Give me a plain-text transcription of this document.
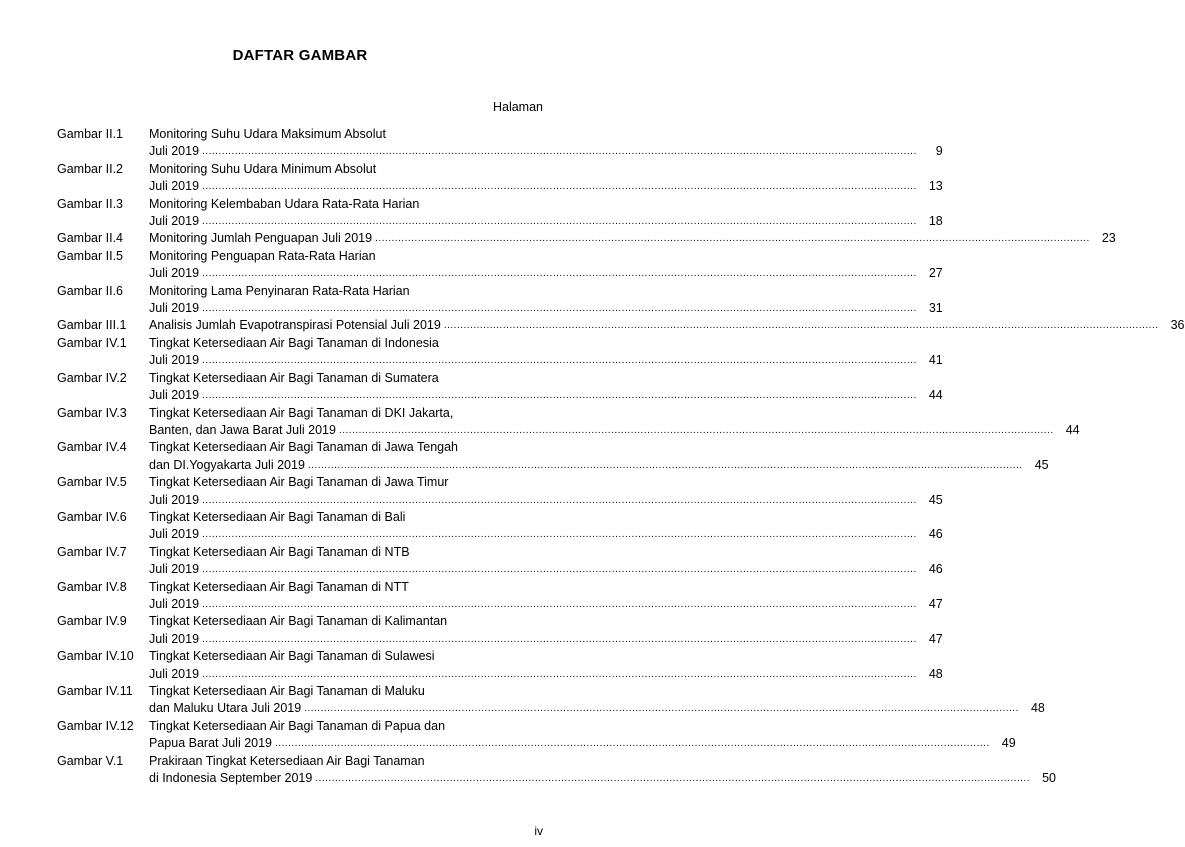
DAFTAR GAMBAR
Halaman
Gambar II.1	Monitoring Suhu Udara Maksimum Absolut
Juli 2019 .....	9
Gambar II.2	Monitoring Suhu Udara Minimum Absolut
Juli 2019 .....	13
Gambar II.3	Monitoring Kelembaban Udara Rata-Rata Harian
Juli 2019 .....	18
Gambar II.4	Monitoring Jumlah Penguapan Juli 2019 .....	23
Gambar II.5	Monitoring Penguapan Rata-Rata Harian
Juli 2019 .....	27
Gambar II.6	Monitoring Lama Penyinaran Rata-Rata Harian
Juli 2019 .....	31
Gambar III.1	Analisis Jumlah Evapotranspirasi Potensial Juli 2019 .....	36
Gambar IV.1	Tingkat Ketersediaan Air Bagi Tanaman di Indonesia
Juli 2019 .....	41
Gambar IV.2	Tingkat Ketersediaan Air Bagi Tanaman di Sumatera
Juli 2019 .....	44
Gambar IV.3	Tingkat Ketersediaan Air Bagi Tanaman di DKI Jakarta,
Banten, dan Jawa Barat Juli 2019 .....	44
Gambar IV.4	Tingkat Ketersediaan Air Bagi Tanaman di Jawa Tengah
dan DI.Yogyakarta Juli 2019 .....	45
Gambar IV.5	Tingkat Ketersediaan Air Bagi Tanaman di Jawa Timur
Juli 2019 .....	45
Gambar IV.6	Tingkat Ketersediaan Air Bagi Tanaman di Bali
Juli 2019 .....	46
Gambar IV.7	Tingkat Ketersediaan Air Bagi Tanaman di NTB
Juli 2019 .....	46
Gambar IV.8	Tingkat Ketersediaan Air Bagi Tanaman di NTT
Juli 2019 .....	47
Gambar IV.9	Tingkat Ketersediaan Air Bagi Tanaman di Kalimantan
Juli 2019 .....	47
Gambar IV.10	Tingkat Ketersediaan Air Bagi Tanaman di Sulawesi
Juli 2019 .....	48
Gambar IV.11	Tingkat Ketersediaan Air Bagi Tanaman di Maluku
dan Maluku Utara Juli 2019 .....	48
Gambar IV.12	Tingkat Ketersediaan Air Bagi Tanaman di Papua dan
Papua Barat Juli 2019 .....	49
Gambar V.1	Prakiraan Tingkat Ketersediaan Air Bagi Tanaman
di Indonesia September 2019 .....	50
iv
